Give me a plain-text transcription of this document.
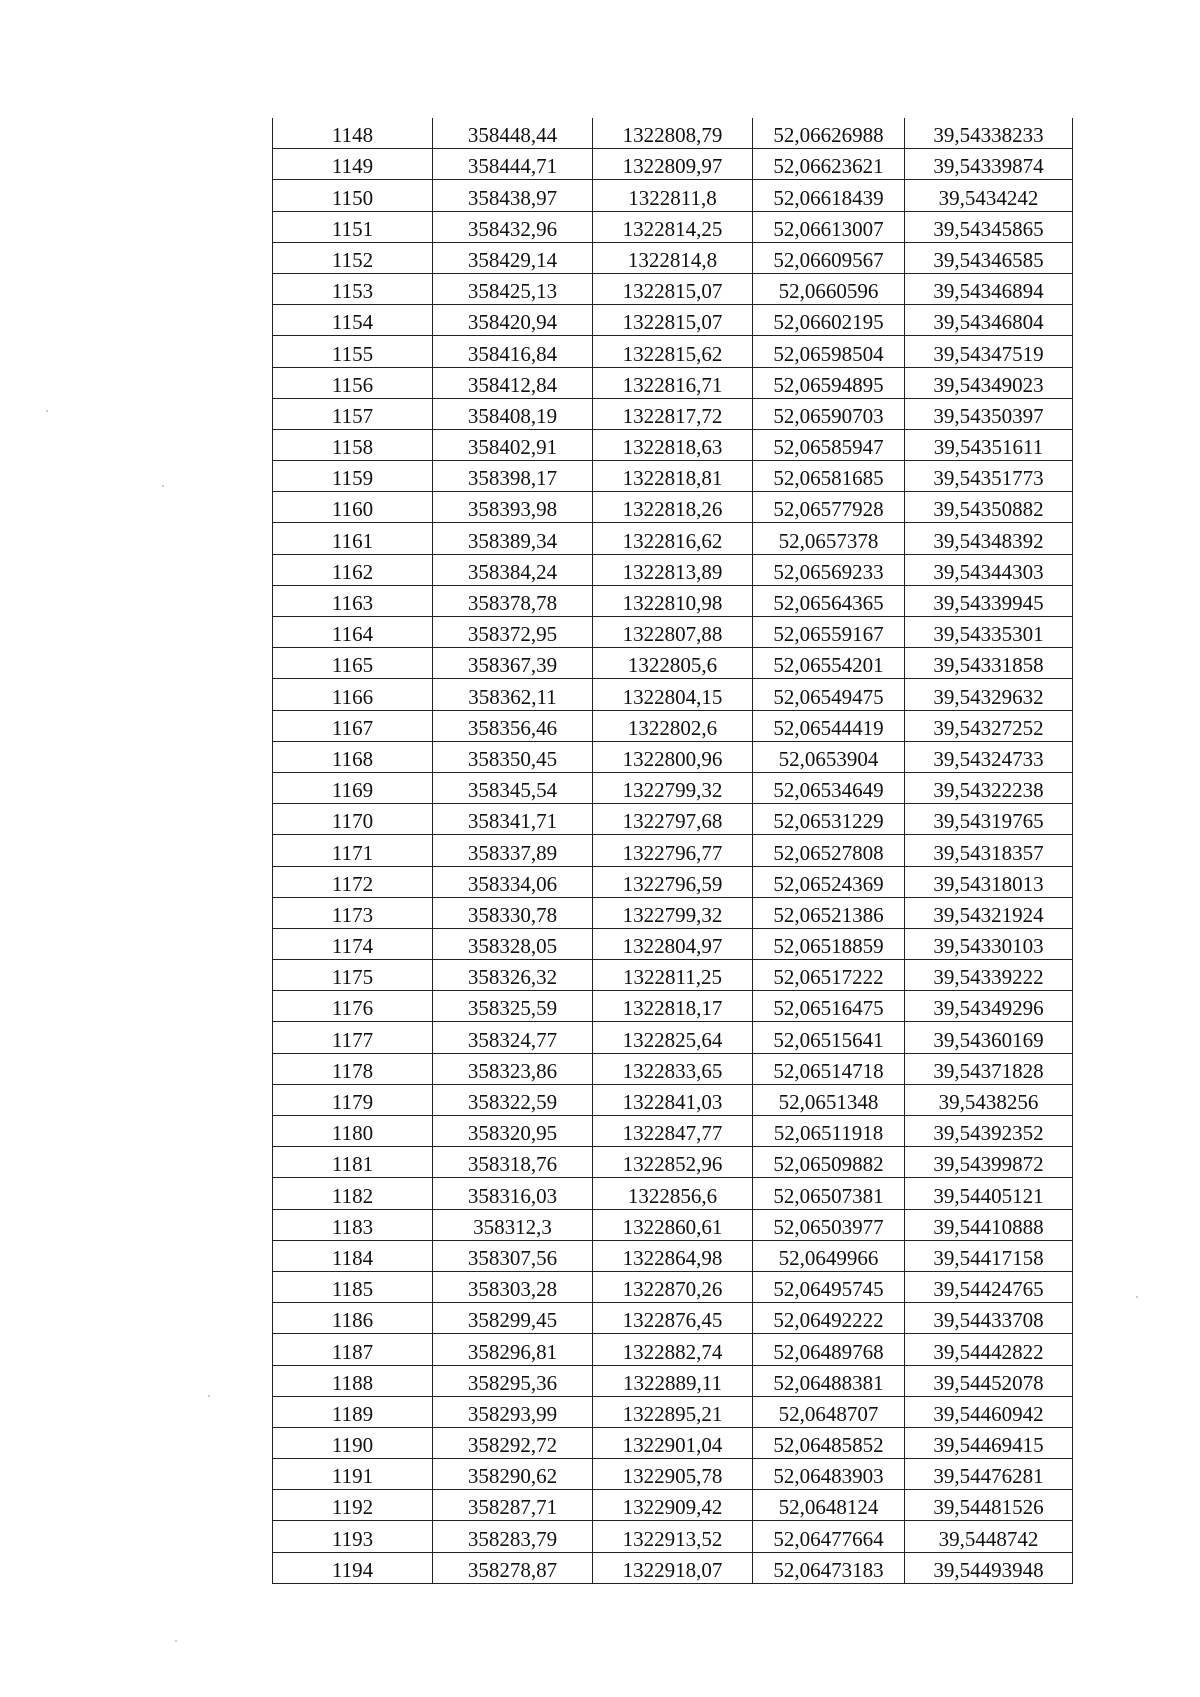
1148	358448,44	1322808,79	52,06626988	39,54338233
1149	358444,71	1322809,97	52,06623621	39,54339874
1150	358438,97	1322811,8	52,06618439	39,5434242
1151	358432,96	1322814,25	52,06613007	39,54345865
1152	358429,14	1322814,8	52,06609567	39,54346585
1153	358425,13	1322815,07	52,0660596	39,54346894
1154	358420,94	1322815,07	52,06602195	39,54346804
1155	358416,84	1322815,62	52,06598504	39,54347519
1156	358412,84	1322816,71	52,06594895	39,54349023
1157	358408,19	1322817,72	52,06590703	39,54350397
1158	358402,91	1322818,63	52,06585947	39,54351611
1159	358398,17	1322818,81	52,06581685	39,54351773
1160	358393,98	1322818,26	52,06577928	39,54350882
1161	358389,34	1322816,62	52,0657378	39,54348392
1162	358384,24	1322813,89	52,06569233	39,54344303
1163	358378,78	1322810,98	52,06564365	39,54339945
1164	358372,95	1322807,88	52,06559167	39,54335301
1165	358367,39	1322805,6	52,06554201	39,54331858
1166	358362,11	1322804,15	52,06549475	39,54329632
1167	358356,46	1322802,6	52,06544419	39,54327252
1168	358350,45	1322800,96	52,0653904	39,54324733
1169	358345,54	1322799,32	52,06534649	39,54322238
1170	358341,71	1322797,68	52,06531229	39,54319765
1171	358337,89	1322796,77	52,06527808	39,54318357
1172	358334,06	1322796,59	52,06524369	39,54318013
1173	358330,78	1322799,32	52,06521386	39,54321924
1174	358328,05	1322804,97	52,06518859	39,54330103
1175	358326,32	1322811,25	52,06517222	39,54339222
1176	358325,59	1322818,17	52,06516475	39,54349296
1177	358324,77	1322825,64	52,06515641	39,54360169
1178	358323,86	1322833,65	52,06514718	39,54371828
1179	358322,59	1322841,03	52,0651348	39,5438256
1180	358320,95	1322847,77	52,06511918	39,54392352
1181	358318,76	1322852,96	52,06509882	39,54399872
1182	358316,03	1322856,6	52,06507381	39,54405121
1183	358312,3	1322860,61	52,06503977	39,54410888
1184	358307,56	1322864,98	52,0649966	39,54417158
1185	358303,28	1322870,26	52,06495745	39,54424765
1186	358299,45	1322876,45	52,06492222	39,54433708
1187	358296,81	1322882,74	52,06489768	39,54442822
1188	358295,36	1322889,11	52,06488381	39,54452078
1189	358293,99	1322895,21	52,0648707	39,54460942
1190	358292,72	1322901,04	52,06485852	39,54469415
1191	358290,62	1322905,78	52,06483903	39,54476281
1192	358287,71	1322909,42	52,0648124	39,54481526
1193	358283,79	1322913,52	52,06477664	39,5448742
1194	358278,87	1322918,07	52,06473183	39,54493948
